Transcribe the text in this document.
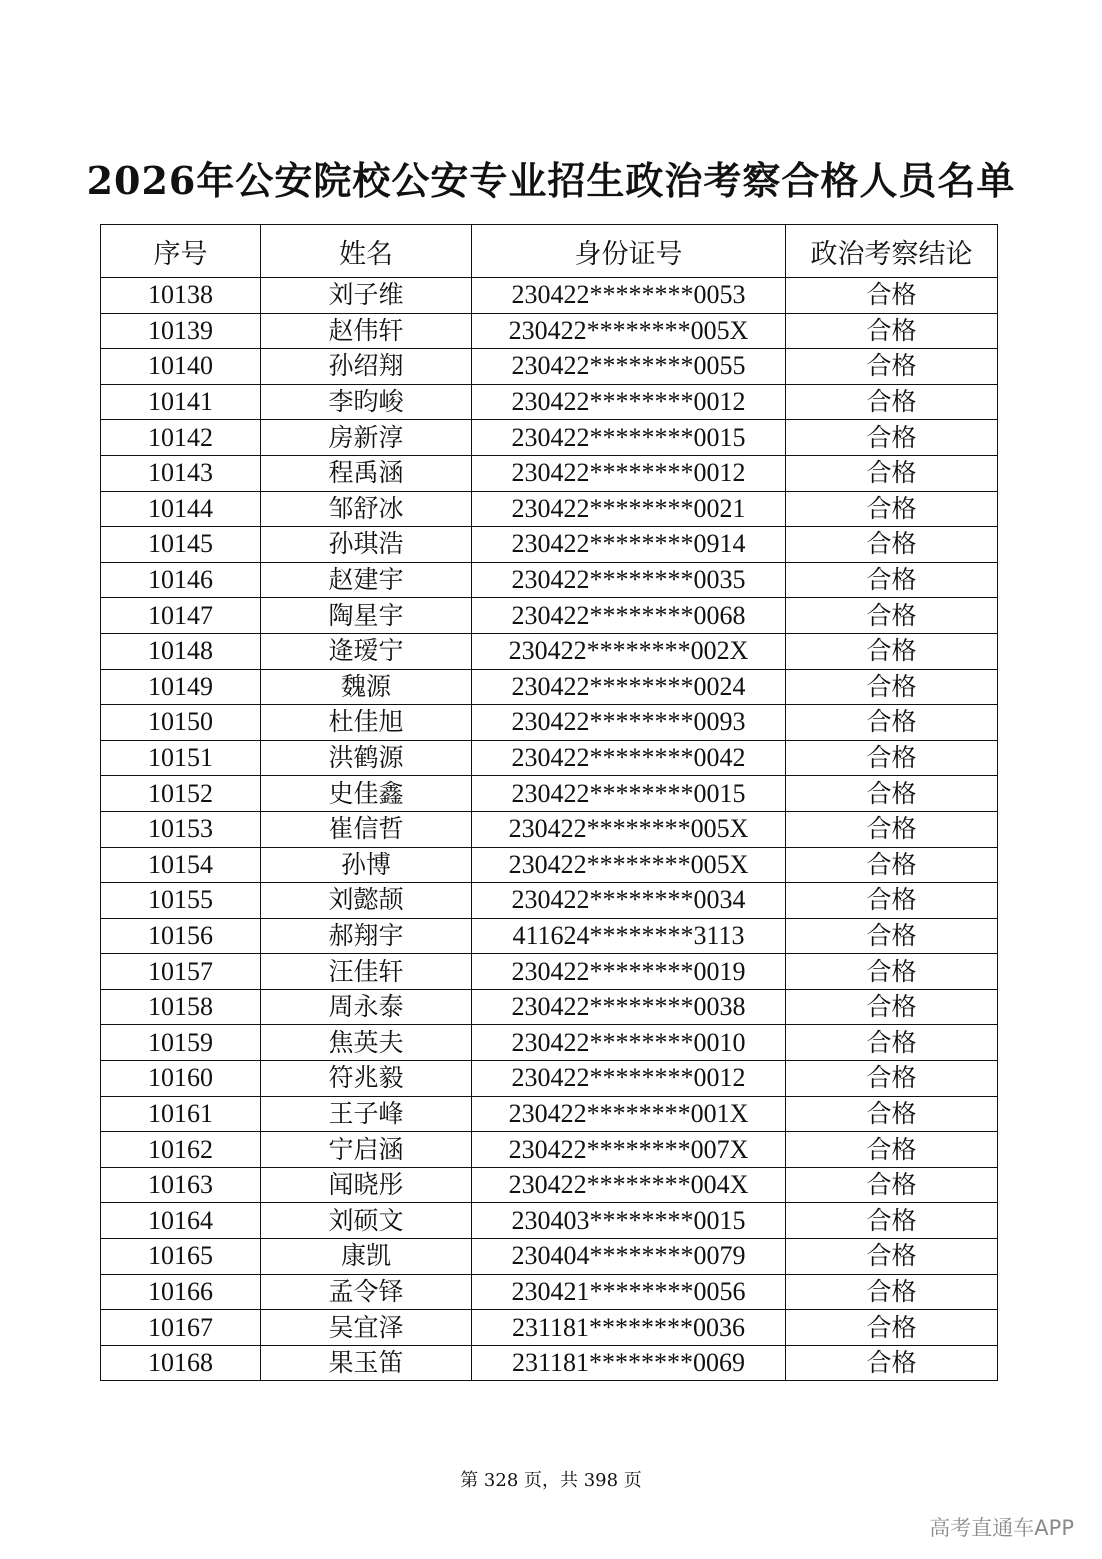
2026年公安院校公安专业招生政治考察合格人员名单
序号	姓名	身份证号	政治考察结论
10138	刘子维	230422********0053	合格
10139	赵伟轩	230422********005X	合格
10140	孙绍翔	230422********0055	合格
10141	李昀峻	230422********0012	合格
10142	房新淳	230422********0015	合格
10143	程禹涵	230422********0012	合格
10144	邹舒冰	230422********0021	合格
10145	孙琪浩	230422********0914	合格
10146	赵建宇	230422********0035	合格
10147	陶星宇	230422********0068	合格
10148	逄瑷宁	230422********002X	合格
10149	魏源	230422********0024	合格
10150	杜佳旭	230422********0093	合格
10151	洪鹤源	230422********0042	合格
10152	史佳鑫	230422********0015	合格
10153	崔信哲	230422********005X	合格
10154	孙博	230422********005X	合格
10155	刘懿颉	230422********0034	合格
10156	郝翔宇	411624********3113	合格
10157	汪佳轩	230422********0019	合格
10158	周永泰	230422********0038	合格
10159	焦英夫	230422********0010	合格
10160	符兆毅	230422********0012	合格
10161	王子峰	230422********001X	合格
10162	宁启涵	230422********007X	合格
10163	闻晓彤	230422********004X	合格
10164	刘硕文	230403********0015	合格
10165	康凯	230404********0079	合格
10166	孟令铎	230421********0056	合格
10167	吴宜泽	231181********0036	合格
10168	果玉笛	231181********0069	合格
第 328 页，共 398 页
高考直通车APP
